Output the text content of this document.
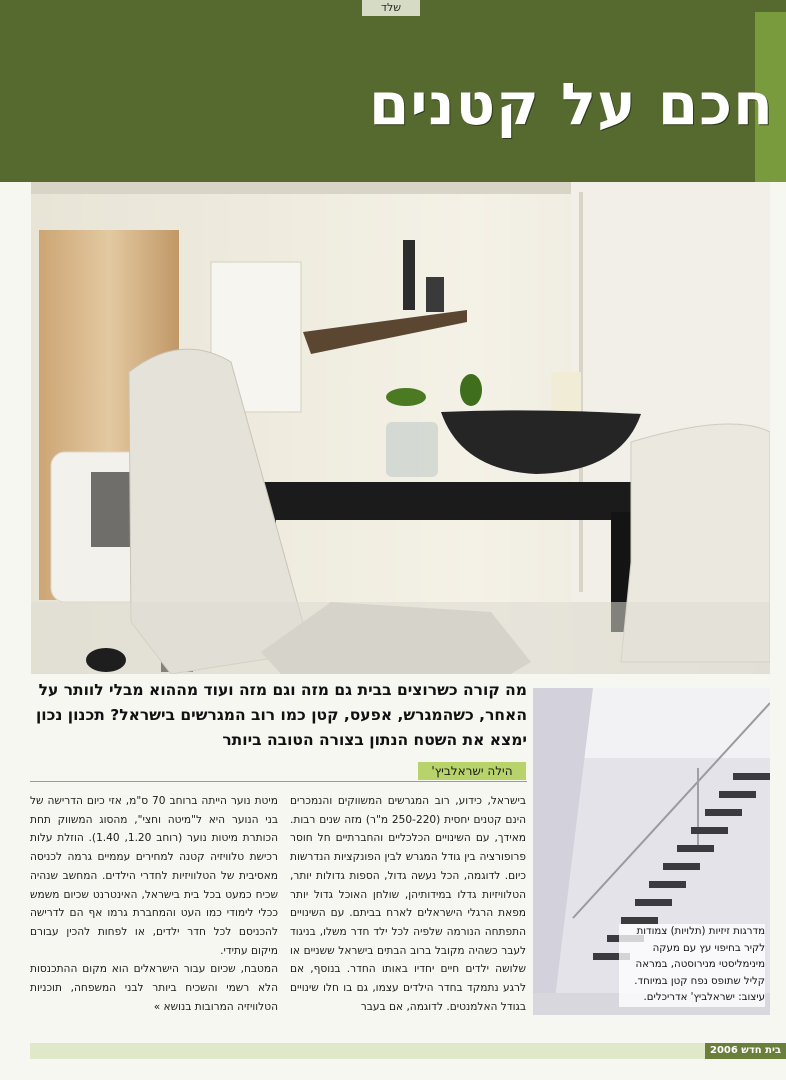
שלד
חכם על קטנים
מה קורה כשרוצים בבית גם מזה וגם מזה ועוד מההוא מבלי לוותר על האחר, כשהמגרש, אפעס, קטן כמו רוב המגרשים בישראל? תכנון נכון ימצא את השטח הנתון בצורה הטובה ביותר
הילה ישראלביץ'

בישראל, כידוע, רוב המגרשים המשווקים והנמכרים הינם קטנים יחסית (250-220 מ"ר) מזה שנים רבות. מאידך, עם השינויים הכלכליים והחברתיים חל חוסר פרופורציה בין גודל המגרש לבין הפונקציות הנדרשות כיום. לדוגמה, הכל נעשה גדול, הספות גדולות יותר, הטלוויזיות גדלו במידותיהן, שולחן האוכל גדול יותר מפאת הרגלי הישראלים לארח בביתם. עם השינויים התפתחה הנורמה שלפיה לכל ילד חדר משלו, בניגוד לעבר כשהיה מקובל ברוב הבתים בישראל ששניים או שלושה ילדים חיים יחדיו באותו החדר. בנוסף, אם לרגע נתמקד בחדר הילדים עצמו, גם בו חלו שינויים בגודל האלמנטים. לדוגמה, אם בעבר

מיטת נוער הייתה ברוחב 70 ס"מ, אזי כיום הדרישה של בני הנוער היא ל"מיטה וחצי", מהסוג המשווק תחת הכותרת מיטות נוער (רוחב 1.20, 1.40). הוזלת עלות רכישת טלוויזיה קטנה למחירים עממיים גרמה לכניסה מאסיבית של הטלוויזיות לחדרי הילדים. המחשב שנהיה שכיח כמעט בכל בית בישראל, האינטרנט שכיום משמש ככלי לימודי כמו העט והמחברת גרמו אף הם לדרישה להכניסם לכל חדר ילדים, או לפחות להכין עבורם מיקום עתידי.

המטבח, שכיום עבור הישראלים הוא מקום ההתכנסות הלא רשמי והשכיח ביותר לבני המשפחה, תוכניות הטלוויזיה המרובות בנושא »

מדרגות זיזיות (תלויות) צמודות לקיר בחיפוי עץ עם מעקה מינימליסטי מנירוסטה, במראה קליל שתופס נפח קטן במיוחד. עיצוב: ישראלביץ' אדריכלים.
בית חדש 2006
